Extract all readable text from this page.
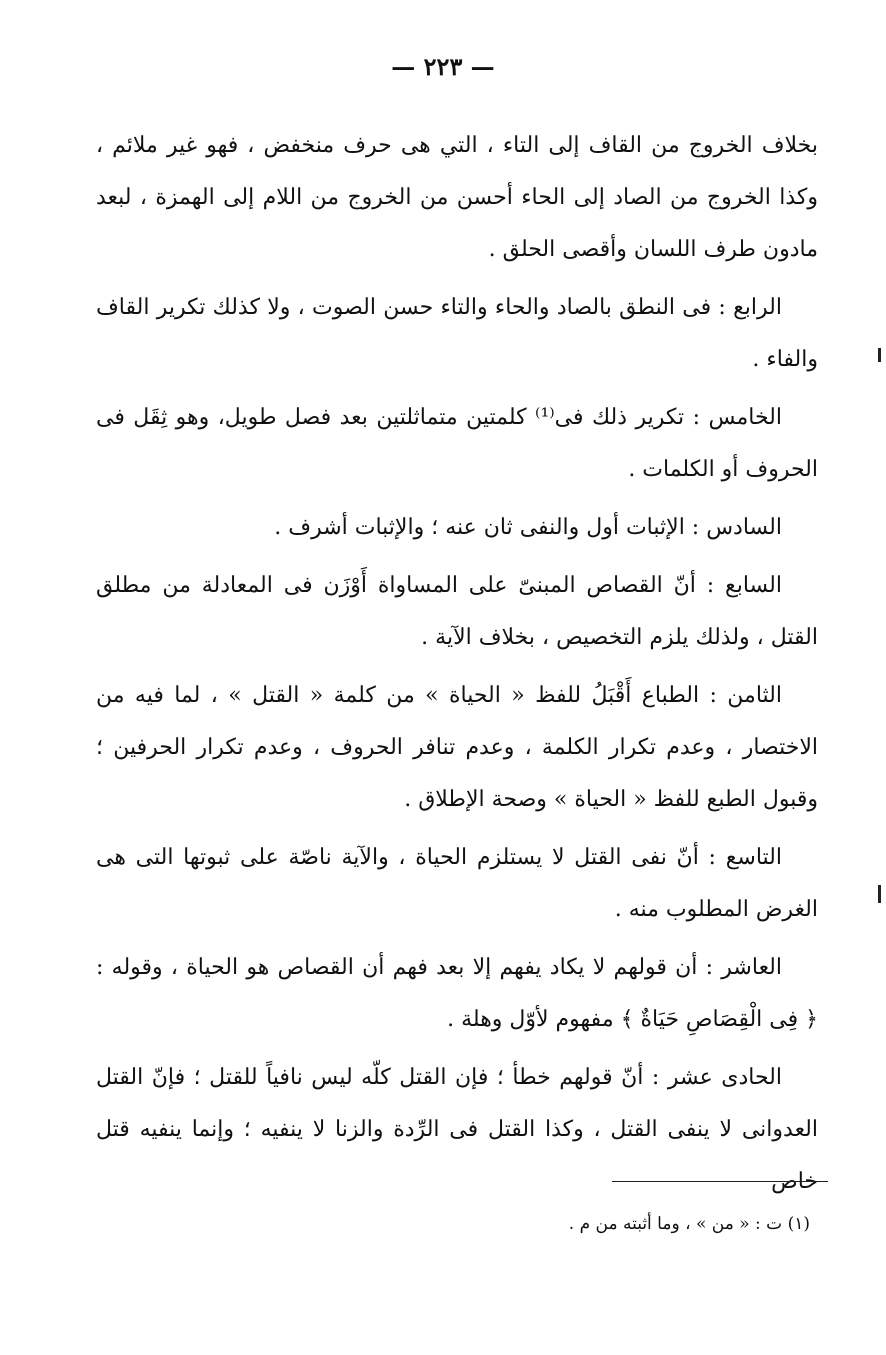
— ٢٢٣ —

بخلاف الخروج من القاف إلى التاء ، التي هى حرف منخفض ، فهو غير ملائم ، وكذا الخروج من الصاد إلى الحاء أحسن من الخروج من اللام إلى الهمزة ، لبعد مادون طرف اللسان وأقصى الحلق .

الرابع : فى النطق بالصاد والحاء والتاء حسن الصوت ، ولا كذلك تكرير القاف والفاء .

الخامس : تكرير ذلك فى⁽¹⁾ كلمتين متماثلتين بعد فصل طويل، وهو ثِقَل فى الحروف أو الكلمات .

السادس : الإثبات أول والنفى ثان عنه ؛ والإثبات أشرف .

السابع : أنّ القصاص المبنىّ على المساواة أَوْزَن فى المعادلة من مطلق القتل ، ولذلك يلزم التخصيص ، بخلاف الآية .

الثامن : الطباع أَقْبَلُ للفظ « الحياة » من كلمة « القتل » ، لما فيه من الاختصار ، وعدم تكرار الكلمة ، وعدم تنافر الحروف ، وعدم تكرار الحرفين ؛ وقبول الطبع للفظ « الحياة » وصحة الإطلاق .

التاسع : أنّ نفى القتل لا يستلزم الحياة ، والآية ناصّة على ثبوتها التى هى الغرض المطلوب منه .

العاشر : أن قولهم لا يكاد يفهم إلا بعد فهم أن القصاص هو الحياة ، وقوله : ﴿ فِى الْقِصَاصِ حَيَاةٌ ﴾ مفهوم لأوّل وهلة .

الحادى عشر : أنّ قولهم خطأ ؛ فإن القتل كلّه ليس نافياً للقتل ؛ فإنّ القتل العدوانى لا ينفى القتل ، وكذا القتل فى الرِّدة والزنا لا ينفيه ؛ وإنما ينفيه قتل خاص

(١) ت : « من » ، وما أثبته من م .
